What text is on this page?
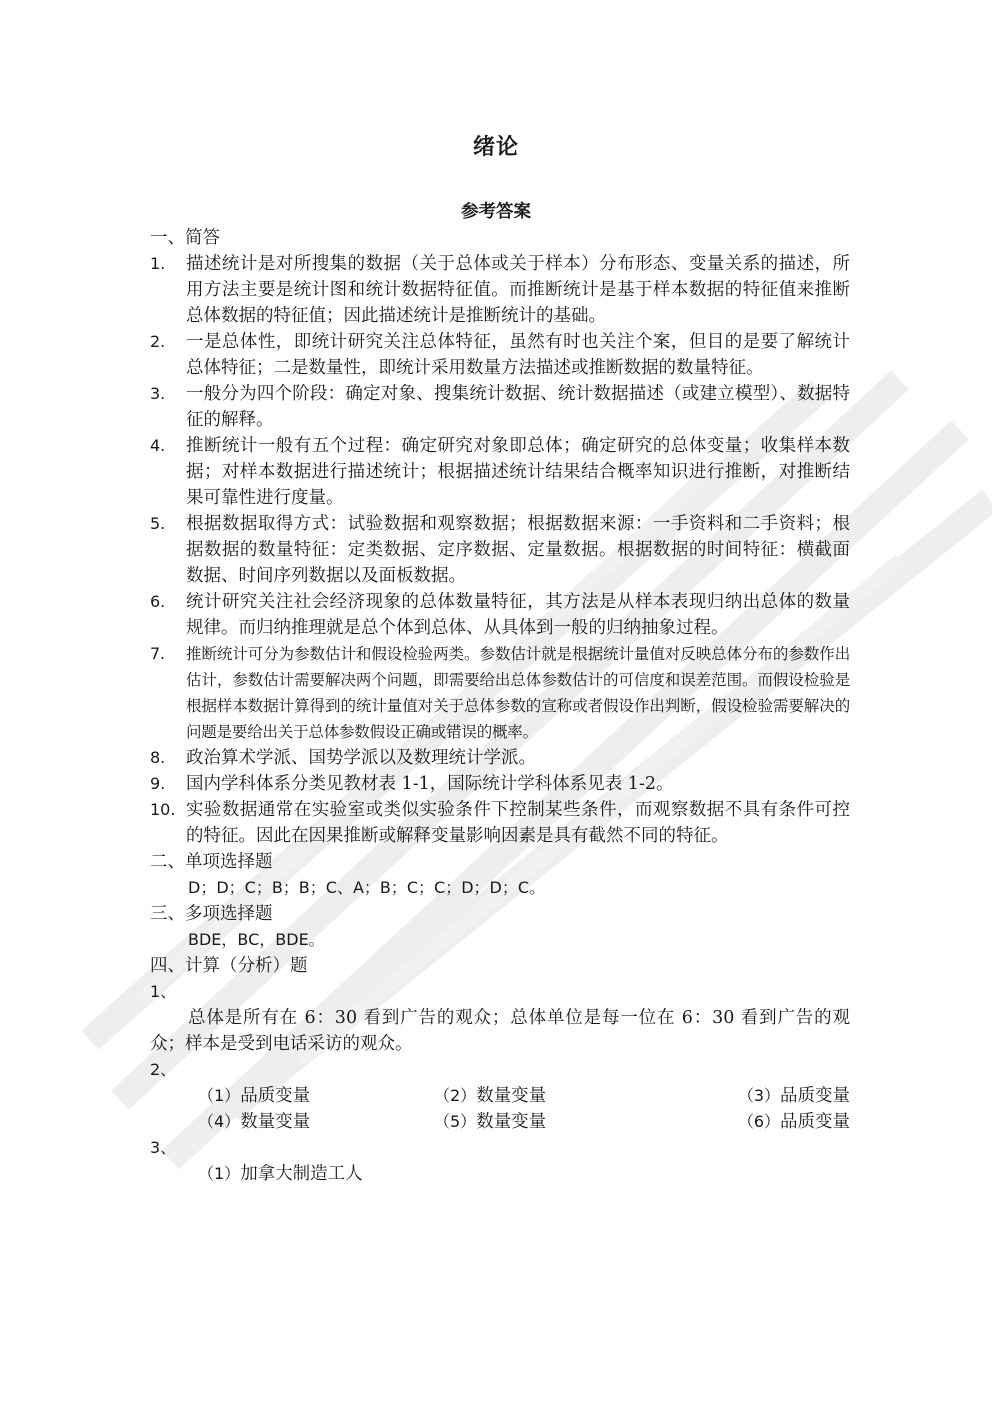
绪论
参考答案
一、简答
1. 描述统计是对所搜集的数据（关于总体或关于样本）分布形态、变量关系的描述，所用方法主要是统计图和统计数据特征值。而推断统计是基于样本数据的特征值来推断总体数据的特征值；因此描述统计是推断统计的基础。
2. 一是总体性，即统计研究关注总体特征，虽然有时也关注个案，但目的是要了解统计总体特征；二是数量性，即统计采用数量方法描述或推断数据的数量特征。
3. 一般分为四个阶段：确定对象、搜集统计数据、统计数据描述（或建立模型）、数据特征的解释。
4. 推断统计一般有五个过程：确定研究对象即总体；确定研究的总体变量；收集样本数据；对样本数据进行描述统计；根据描述统计结果结合概率知识进行推断，对推断结果可靠性进行度量。
5. 根据数据取得方式：试验数据和观察数据；根据数据来源：一手资料和二手资料；根据数据的数量特征：定类数据、定序数据、定量数据。根据数据的时间特征：横截面数据、时间序列数据以及面板数据。
6. 统计研究关注社会经济现象的总体数量特征，其方法是从样本表现归纳出总体的数量规律。而归纳推理就是总个体到总体、从具体到一般的归纳抽象过程。
7. 推断统计可分为参数估计和假设检验两类。参数估计就是根据统计量值对反映总体分布的参数作出估计，参数估计需要解决两个问题，即需要给出总体参数估计的可信度和误差范围。而假设检验是根据样本数据计算得到的统计量值对关于总体参数的宣称或者假设作出判断，假设检验需要解决的问题是要给出关于总体参数假设正确或错误的概率。
8. 政治算术学派、国势学派以及数理统计学派。
9. 国内学科体系分类见教材表 1-1，国际统计学科体系见表 1-2。
10. 实验数据通常在实验室或类似实验条件下控制某些条件，而观察数据不具有条件可控的特征。因此在因果推断或解释变量影响因素是具有截然不同的特征。
二、单项选择题
D；D；C；B；B；C、A；B；C；C；D；D；C。
三、多项选择题
BDE，BC，BDE。
四、计算（分析）题
1、
总体是所有在 6：30 看到广告的观众；总体单位是每一位在 6：30 看到广告的观众；样本是受到电话采访的观众。
2、
（1）品质变量	（2）数量变量	（3）品质变量
（4）数量变量	（5）数量变量	（6）品质变量
3、
（1）加拿大制造工人
